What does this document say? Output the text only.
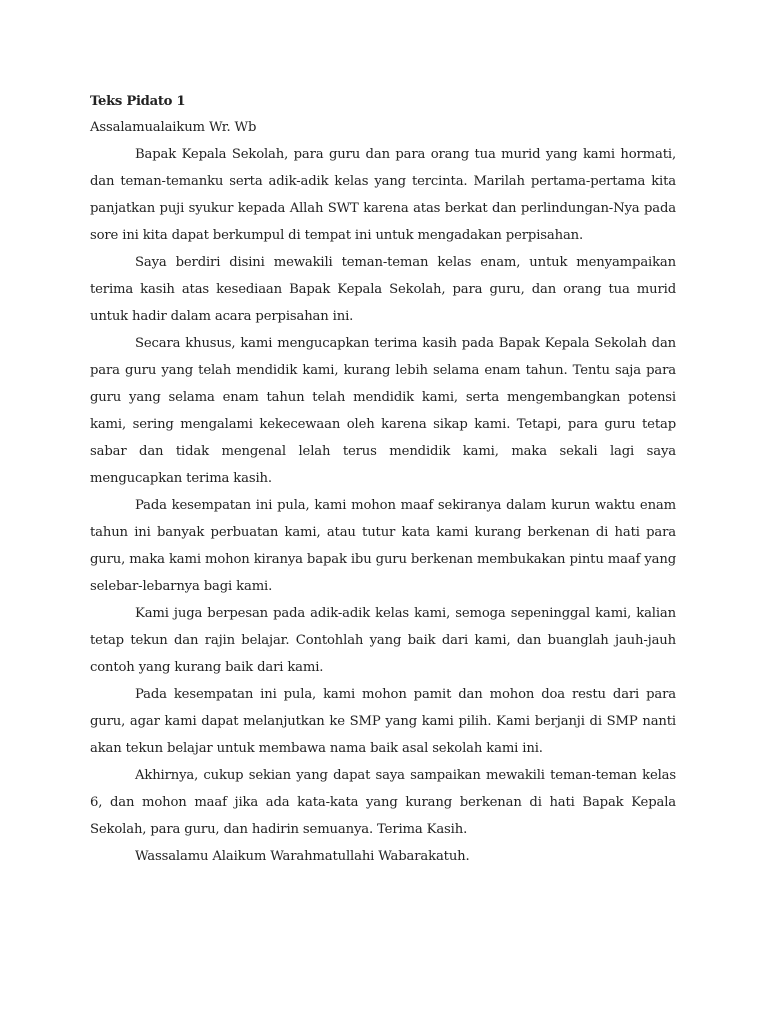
Teks Pidato 1

Assalamualaikum Wr. Wb

Bapak Kepala Sekolah, para guru dan para orang tua murid yang kami hormati, dan teman-temanku serta adik-adik kelas yang tercinta. Marilah pertama-pertama kita panjatkan puji syukur kepada Allah SWT karena atas berkat dan perlindungan-Nya pada sore ini kita dapat berkumpul di tempat ini untuk mengadakan perpisahan.

Saya berdiri disini mewakili teman-teman kelas enam, untuk menyampaikan terima kasih atas kesediaan Bapak Kepala Sekolah, para guru, dan orang tua murid untuk hadir dalam acara perpisahan ini.

Secara khusus, kami mengucapkan terima kasih pada Bapak Kepala Sekolah dan para guru yang telah mendidik kami, kurang lebih selama enam tahun. Tentu saja para guru yang selama enam tahun telah mendidik kami, serta mengembangkan potensi kami, sering mengalami kekecewaan oleh karena sikap kami. Tetapi, para guru tetap sabar dan tidak mengenal lelah terus mendidik kami, maka sekali lagi saya mengucapkan terima kasih.

Pada kesempatan ini pula, kami mohon maaf sekiranya dalam kurun waktu enam tahun ini banyak perbuatan kami, atau tutur kata kami kurang berkenan di hati para guru, maka kami mohon kiranya bapak ibu guru berkenan membukakan pintu maaf yang selebar-lebarnya bagi kami.

Kami juga berpesan pada adik-adik kelas kami, semoga sepeninggal kami, kalian tetap tekun dan rajin belajar. Contohlah yang baik dari kami, dan buanglah jauh-jauh contoh yang kurang baik dari kami.

Pada kesempatan ini pula, kami mohon pamit dan mohon doa restu dari para guru, agar kami dapat melanjutkan ke SMP yang kami pilih. Kami berjanji di SMP nanti akan tekun belajar untuk membawa nama baik asal sekolah kami ini.

Akhirnya, cukup sekian yang dapat saya sampaikan mewakili teman-teman kelas 6, dan mohon maaf jika ada kata-kata yang kurang berkenan di hati Bapak Kepala Sekolah, para guru, dan hadirin semuanya. Terima Kasih.

Wassalamu Alaikum Warahmatullahi Wabarakatuh.
